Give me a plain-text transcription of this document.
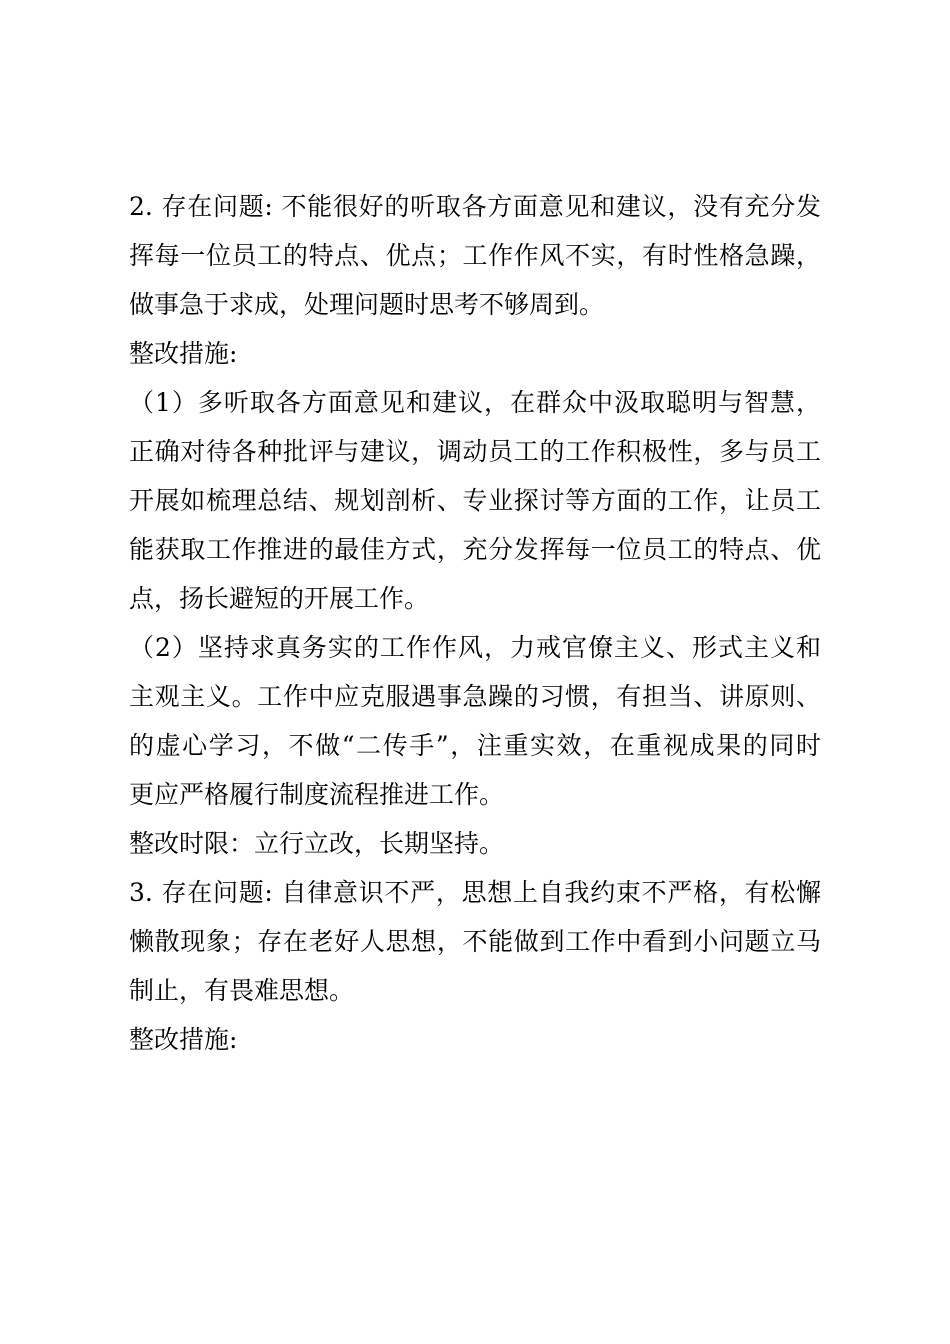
2. 存在问题: 不能很好的听取各方面意见和建议，没有充分发

挥每一位员工的特点、优点；工作作风不实，有时性格急躁，

做事急于求成，处理问题时思考不够周到。

整改措施:

（1）多听取各方面意见和建议，在群众中汲取聪明与智慧，

正确对待各种批评与建议，调动员工的工作积极性，多与员工

开展如梳理总结、规划剖析、专业探讨等方面的工作，让员工

能获取工作推进的最佳方式，充分发挥每一位员工的特点、优

点，扬长避短的开展工作。

（2）坚持求真务实的工作作风，力戒官僚主义、形式主义和

主观主义。工作中应克服遇事急躁的习惯，有担当、讲原则、

的虚心学习，不做“二传手”，注重实效，在重视成果的同时

更应严格履行制度流程推进工作。

整改时限：立行立改，长期坚持。

3. 存在问题: 自律意识不严，思想上自我约束不严格，有松懈

懒散现象；存在老好人思想，不能做到工作中看到小问题立马

制止，有畏难思想。

整改措施:
